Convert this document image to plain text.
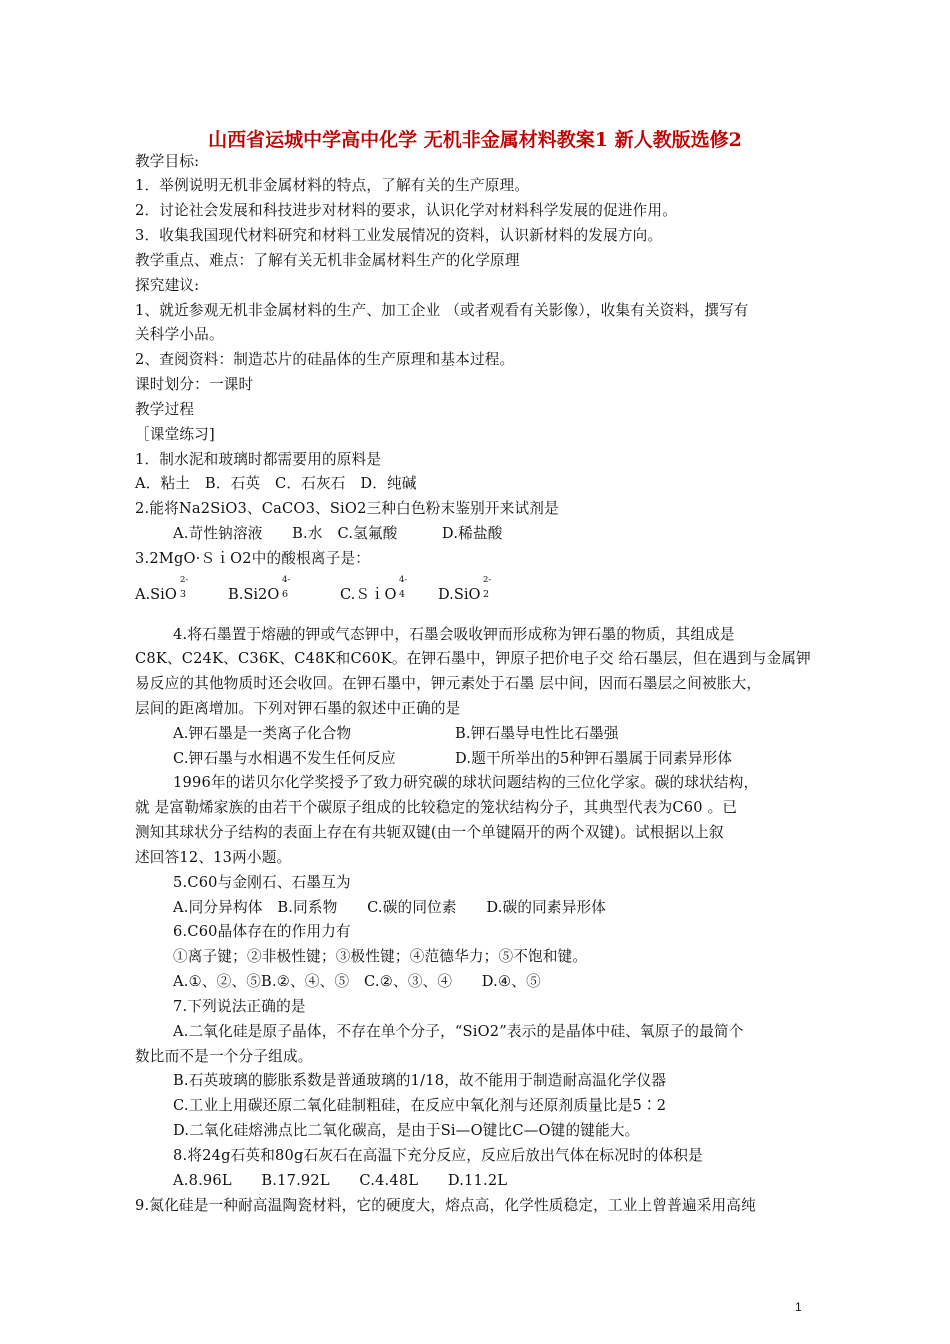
山西省运城中学高中化学 无机非金属材料教案1 新人教版选修2
教学目标:
1．举例说明无机非金属材料的特点，了解有关的生产原理。
2．讨论社会发展和科技进步对材料的要求，认识化学对材料科学发展的促进作用。
3．收集我国现代材料研究和材料工业发展情况的资料，认识新材料的发展方向。
教学重点、难点：了解有关无机非金属材料生产的化学原理
探究建议:
1、就近参观无机非金属材料的生产、加工企业 （或者观看有关影像），收集有关资料，撰写有
关科学小品。
2、查阅资料：制造芯片的硅晶体的生产原理和基本过程。
课时划分：一课时
教学过程
［课堂练习]
1．制水泥和玻璃时都需要用的原料是
A．粘土　B．石英　C．石灰石　D．纯碱
2.能将Na2SiO3、CaCO3、SiO2三种白色粉末鉴别开来试剂是
A.苛性钠溶液　　B.水　C.氢氟酸　　　D.稀盐酸
3.2MgO·ＳｉO2中的酸根离子是：
A.SiO 3
2-
B.Si2O 6
4-
C.ＳｉO 4
4-
D.SiO 2
2-
4.将石墨置于熔融的钾或气态钾中，石墨会吸收钾而形成称为钾石墨的物质，其组成是
C8K、C24K、C36K、C48K和C60K。在钾石墨中，钾原子把价电子交 给石墨层，但在遇到与金属钾
易反应的其他物质时还会收回。在钾石墨中，钾元素处于石墨 层中间，因而石墨层之间被胀大，
层间的距离增加。下列对钾石墨的叙述中正确的是
A.钾石墨是一类离子化合物	B.钾石墨导电性比石墨强
C.钾石墨与水相遇不发生任何反应	D.题干所举出的5种钾石墨属于同素异形体
1996年的诺贝尔化学奖授予了致力研究碳的球状问题结构的三位化学家。碳的球状结构，
就 是富勒烯家族的由若干个碳原子组成的比较稳定的笼状结构分子，其典型代表为C60 。已
测知其球状分子结构的表面上存在有共轭双键(由一个单键隔开的两个双键)。试根据以上叙
述回答12、13两小题。
5.C60与金刚石、石墨互为
A.同分异构体　B.同系物　　C.碳的同位素　　D.碳的同素异形体
6.C60晶体存在的作用力有
①离子键；②非极性键；③极性键；④范德华力；⑤不饱和键。
A.①、②、⑤B.②、④、⑤　C.②、③、④　　D.④、⑤
7.下列说法正确的是
A.二氧化硅是原子晶体，不存在单个分子，“SiO2”表示的是晶体中硅、氧原子的最简个
数比而不是一个分子组成。
B.石英玻璃的膨胀系数是普通玻璃的1/18，故不能用于制造耐高温化学仪器
C.工业上用碳还原二氧化硅制粗硅，在反应中氧化剂与还原剂质量比是5∶2
D.二氧化硅熔沸点比二氧化碳高，是由于Si—O键比C—O键的键能大。
8.将24g石英和80g石灰石在高温下充分反应，反应后放出气体在标况时的体积是
A.8.96L　　B.17.92L　　C.4.48L　　D.11.2L
9.氮化硅是一种耐高温陶瓷材料，它的硬度大，熔点高，化学性质稳定，工业上曾普遍采用高纯
1
